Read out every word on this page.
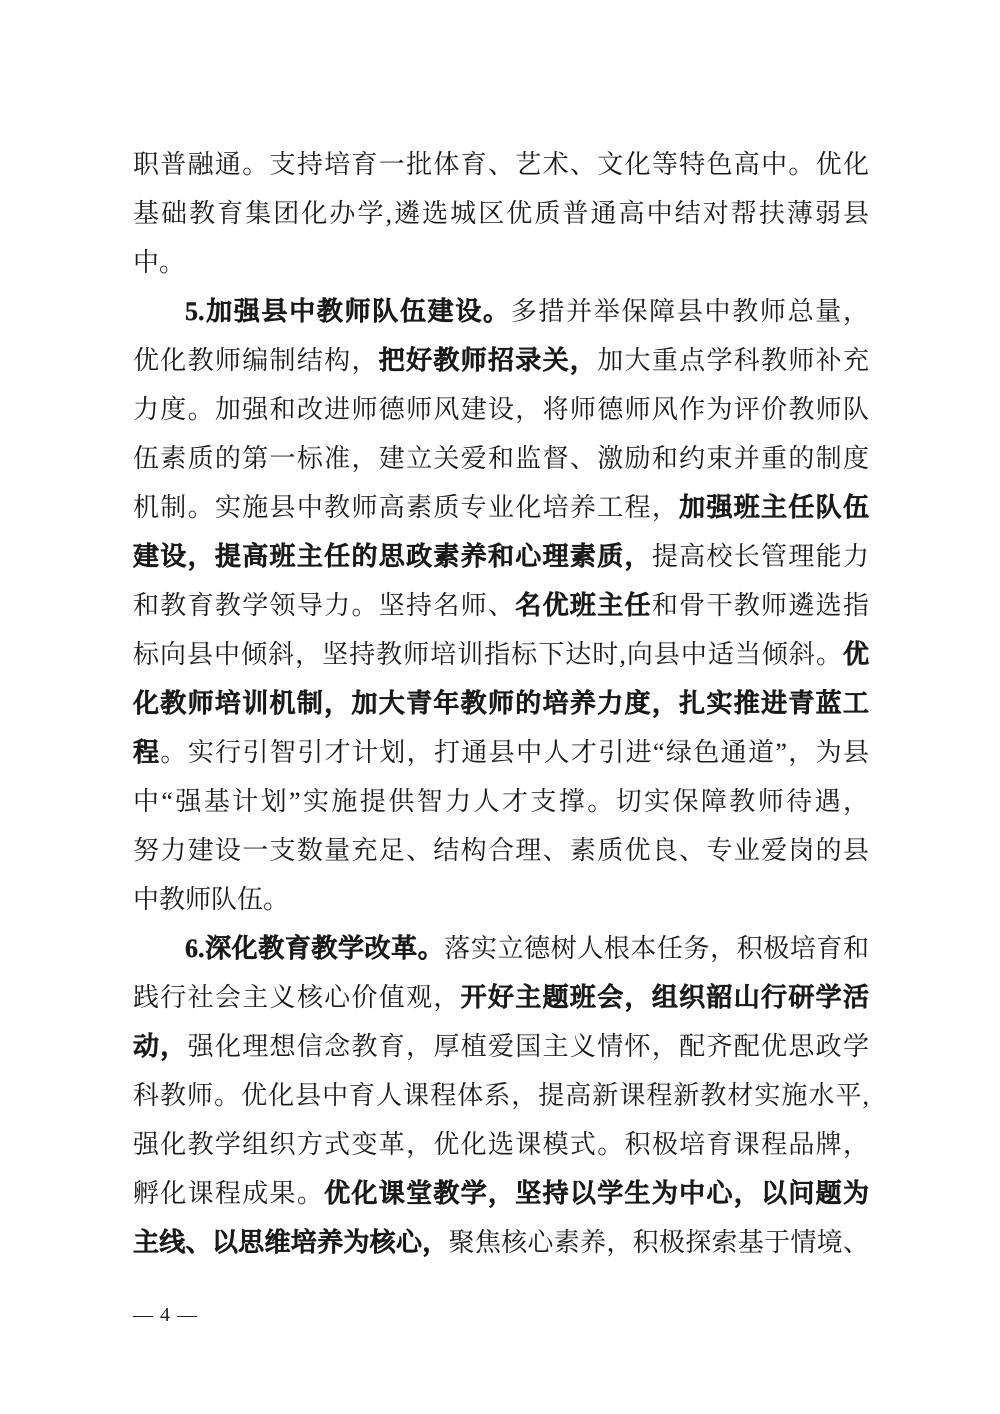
职普融通。支持培育一批体育、艺术、文化等特色高中。优化
基础教育集团化办学,遴选城区优质普通高中结对帮扶薄弱县
中。
5.加强县中教师队伍建设。多措并举保障县中教师总量，
优化教师编制结构，把好教师招录关，加大重点学科教师补充
力度。加强和改进师德师风建设，将师德师风作为评价教师队
伍素质的第一标准，建立关爱和监督、激励和约束并重的制度
机制。实施县中教师高素质专业化培养工程，加强班主任队伍
建设，提高班主任的思政素养和心理素质，提高校长管理能力
和教育教学领导力。坚持名师、名优班主任和骨干教师遴选指
标向县中倾斜，坚持教师培训指标下达时,向县中适当倾斜。优
化教师培训机制，加大青年教师的培养力度，扎实推进青蓝工
程。实行引智引才计划，打通县中人才引进“绿色通道”，为县
中“强基计划”实施提供智力人才支撑。切实保障教师待遇，
努力建设一支数量充足、结构合理、素质优良、专业爱岗的县
中教师队伍。
6.深化教育教学改革。落实立德树人根本任务，积极培育和
践行社会主义核心价值观，开好主题班会，组织韶山行研学活
动，强化理想信念教育，厚植爱国主义情怀，配齐配优思政学
科教师。优化县中育人课程体系，提高新课程新教材实施水平,
强化教学组织方式变革，优化选课模式。积极培育课程品牌，
孵化课程成果。优化课堂教学，坚持以学生为中心，以问题为
主线、以思维培养为核心，聚焦核心素养，积极探索基于情境、
— 4 —
